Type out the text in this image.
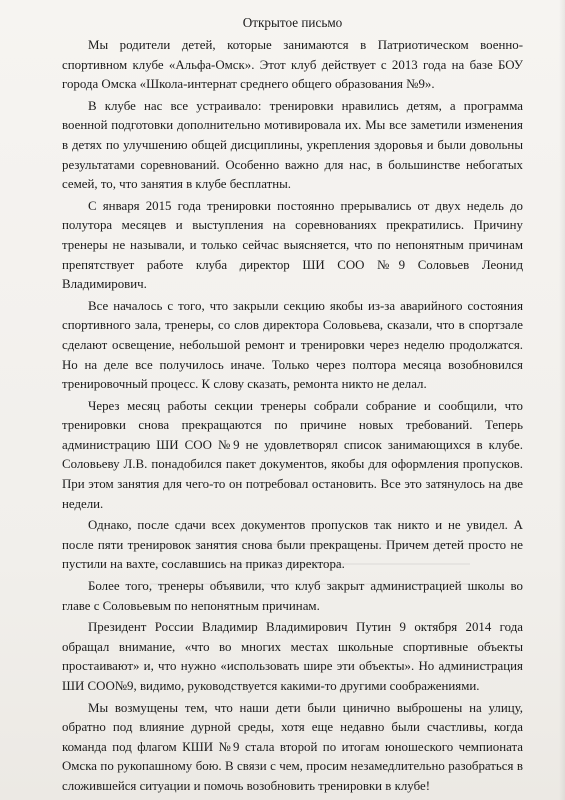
Открытое письмо

Мы родители детей, которые занимаются в Патриотическом военно-спортивном клубе «Альфа-Омск». Этот клуб действует с 2013 года на базе БОУ города Омска «Школа-интернат среднего общего образования №9».

В клубе нас все устраивало: тренировки нравились детям, а программа военной подготовки дополнительно мотивировала их. Мы все заметили изменения в детях по улучшению общей дисциплины, укрепления здоровья и были довольны результатами соревнований. Особенно важно для нас, в большинстве небогатых семей, то, что занятия в клубе бесплатны.

С января 2015 года тренировки постоянно прерывались от двух недель до полутора месяцев и выступления на соревнованиях прекратились. Причину тренеры не называли, и только сейчас выясняется, что по непонятным причинам препятствует работе клуба директор ШИ СОО №9 Соловьев Леонид Владимирович.

Все началось с того, что закрыли секцию якобы из-за аварийного состояния спортивного зала, тренеры, со слов директора Соловьева, сказали, что в спортзале сделают освещение, небольшой ремонт и тренировки через неделю продолжатся. Но на деле все получилось иначе. Только через полтора месяца возобновился тренировочный процесс. К слову сказать, ремонта никто не делал.

Через месяц работы секции тренеры собрали собрание и сообщили, что тренировки снова прекращаются по причине новых требований. Теперь администрацию ШИ СОО №9 не удовлетворял список занимающихся в клубе. Соловьеву Л.В. понадобился пакет документов, якобы для оформления пропусков. При этом занятия для чего-то он потребовал остановить. Все это затянулось на две недели.

Однако, после сдачи всех документов пропусков так никто и не увидел. А после пяти тренировок занятия снова были прекращены. Причем детей просто не пустили на вахте, сославшись на приказ директора.

Более того, тренеры объявили, что клуб закрыт администрацией школы во главе с Соловьевым по непонятным причинам.

Президент России Владимир Владимирович Путин 9 октября 2014 года обращал внимание, «что во многих местах школьные спортивные объекты простаивают» и, что нужно «использовать шире эти объекты». Но администрация ШИ СОО№9, видимо, руководствуется какими-то другими соображениями.

Мы возмущены тем, что наши дети были цинично выброшены на улицу, обратно под влияние дурной среды, хотя еще недавно были счастливы, когда команда под флагом КШИ №9 стала второй по итогам юношеского чемпионата Омска по рукопашному бою. В связи с чем, просим незамедлительно разобраться в сложившейся ситуации и помочь возобновить тренировки в клубе!
